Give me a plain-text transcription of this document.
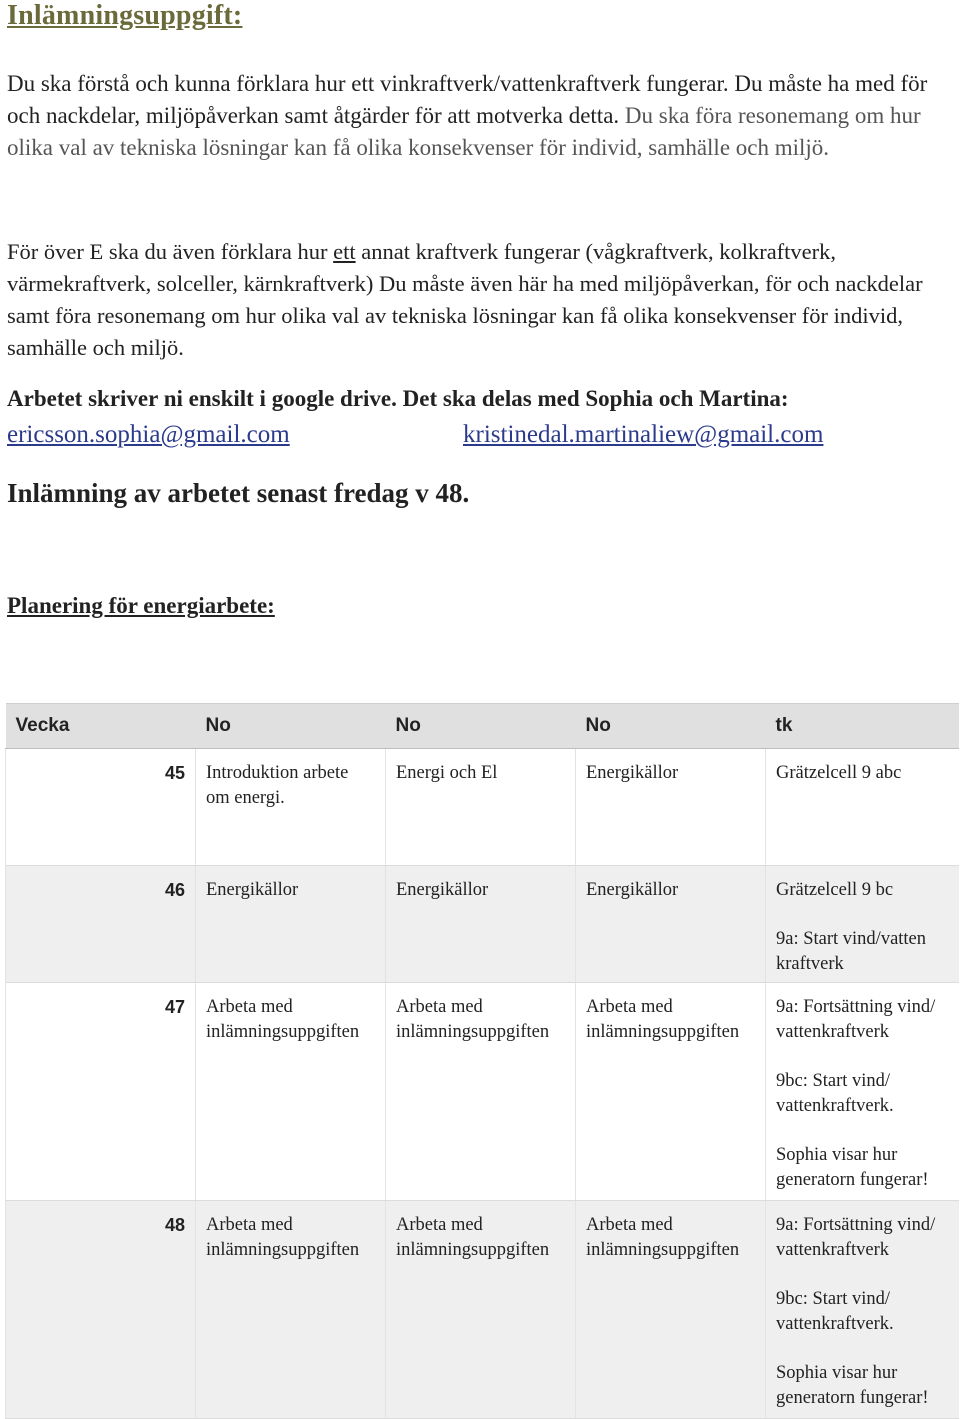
Inlämningsuppgift:

Du ska förstå och kunna förklara hur ett vinkraftverk/vattenkraftverk fungerar. Du måste ha med för och nackdelar, miljöpåverkan samt åtgärder för att motverka detta. Du ska föra resonemang om hur olika val av tekniska lösningar kan få olika konsekvenser för individ, samhälle och miljö.

För över E ska du även förklara hur ett annat kraftverk fungerar (vågkraftverk, kolkraftverk, värmekraftverk, solceller, kärnkraftverk) Du måste även här ha med miljöpåverkan, för och nackdelar samt föra resonemang om hur olika val av tekniska lösningar kan få olika konsekvenser för individ, samhälle och miljö.

Arbetet skriver ni enskilt i google drive. Det ska delas med Sophia och Martina:

ericsson.sophia@gmail.com	kristinedal.martinaliew@gmail.com

Inlämning av arbetet senast fredag v 48.

Planering för energiarbete:

Vecka	No	No	No	tk
45	Introduktion arbete om energi.	Energi och El	Energikällor	Grätzelcell 9 abc

46	Energikällor	Energikällor	Energikällor	Grätzelcell 9 bc
9a: Start vind/vatten kraftverk

47	Arbeta med inlämningsuppgiften	Arbeta med inlämningsuppgiften	Arbeta med inlämningsuppgiften	9a: Fortsättning vind/ vattenkraftverk
9bc: Start vind/ vattenkraftverk.
Sophia visar hur generatorn fungerar!

48	Arbeta med inlämningsuppgiften	Arbeta med inlämningsuppgiften	Arbeta med inlämningsuppgiften	9a: Fortsättning vind/ vattenkraftverk
9bc: Start vind/ vattenkraftverk.
Sophia visar hur generatorn fungerar!
